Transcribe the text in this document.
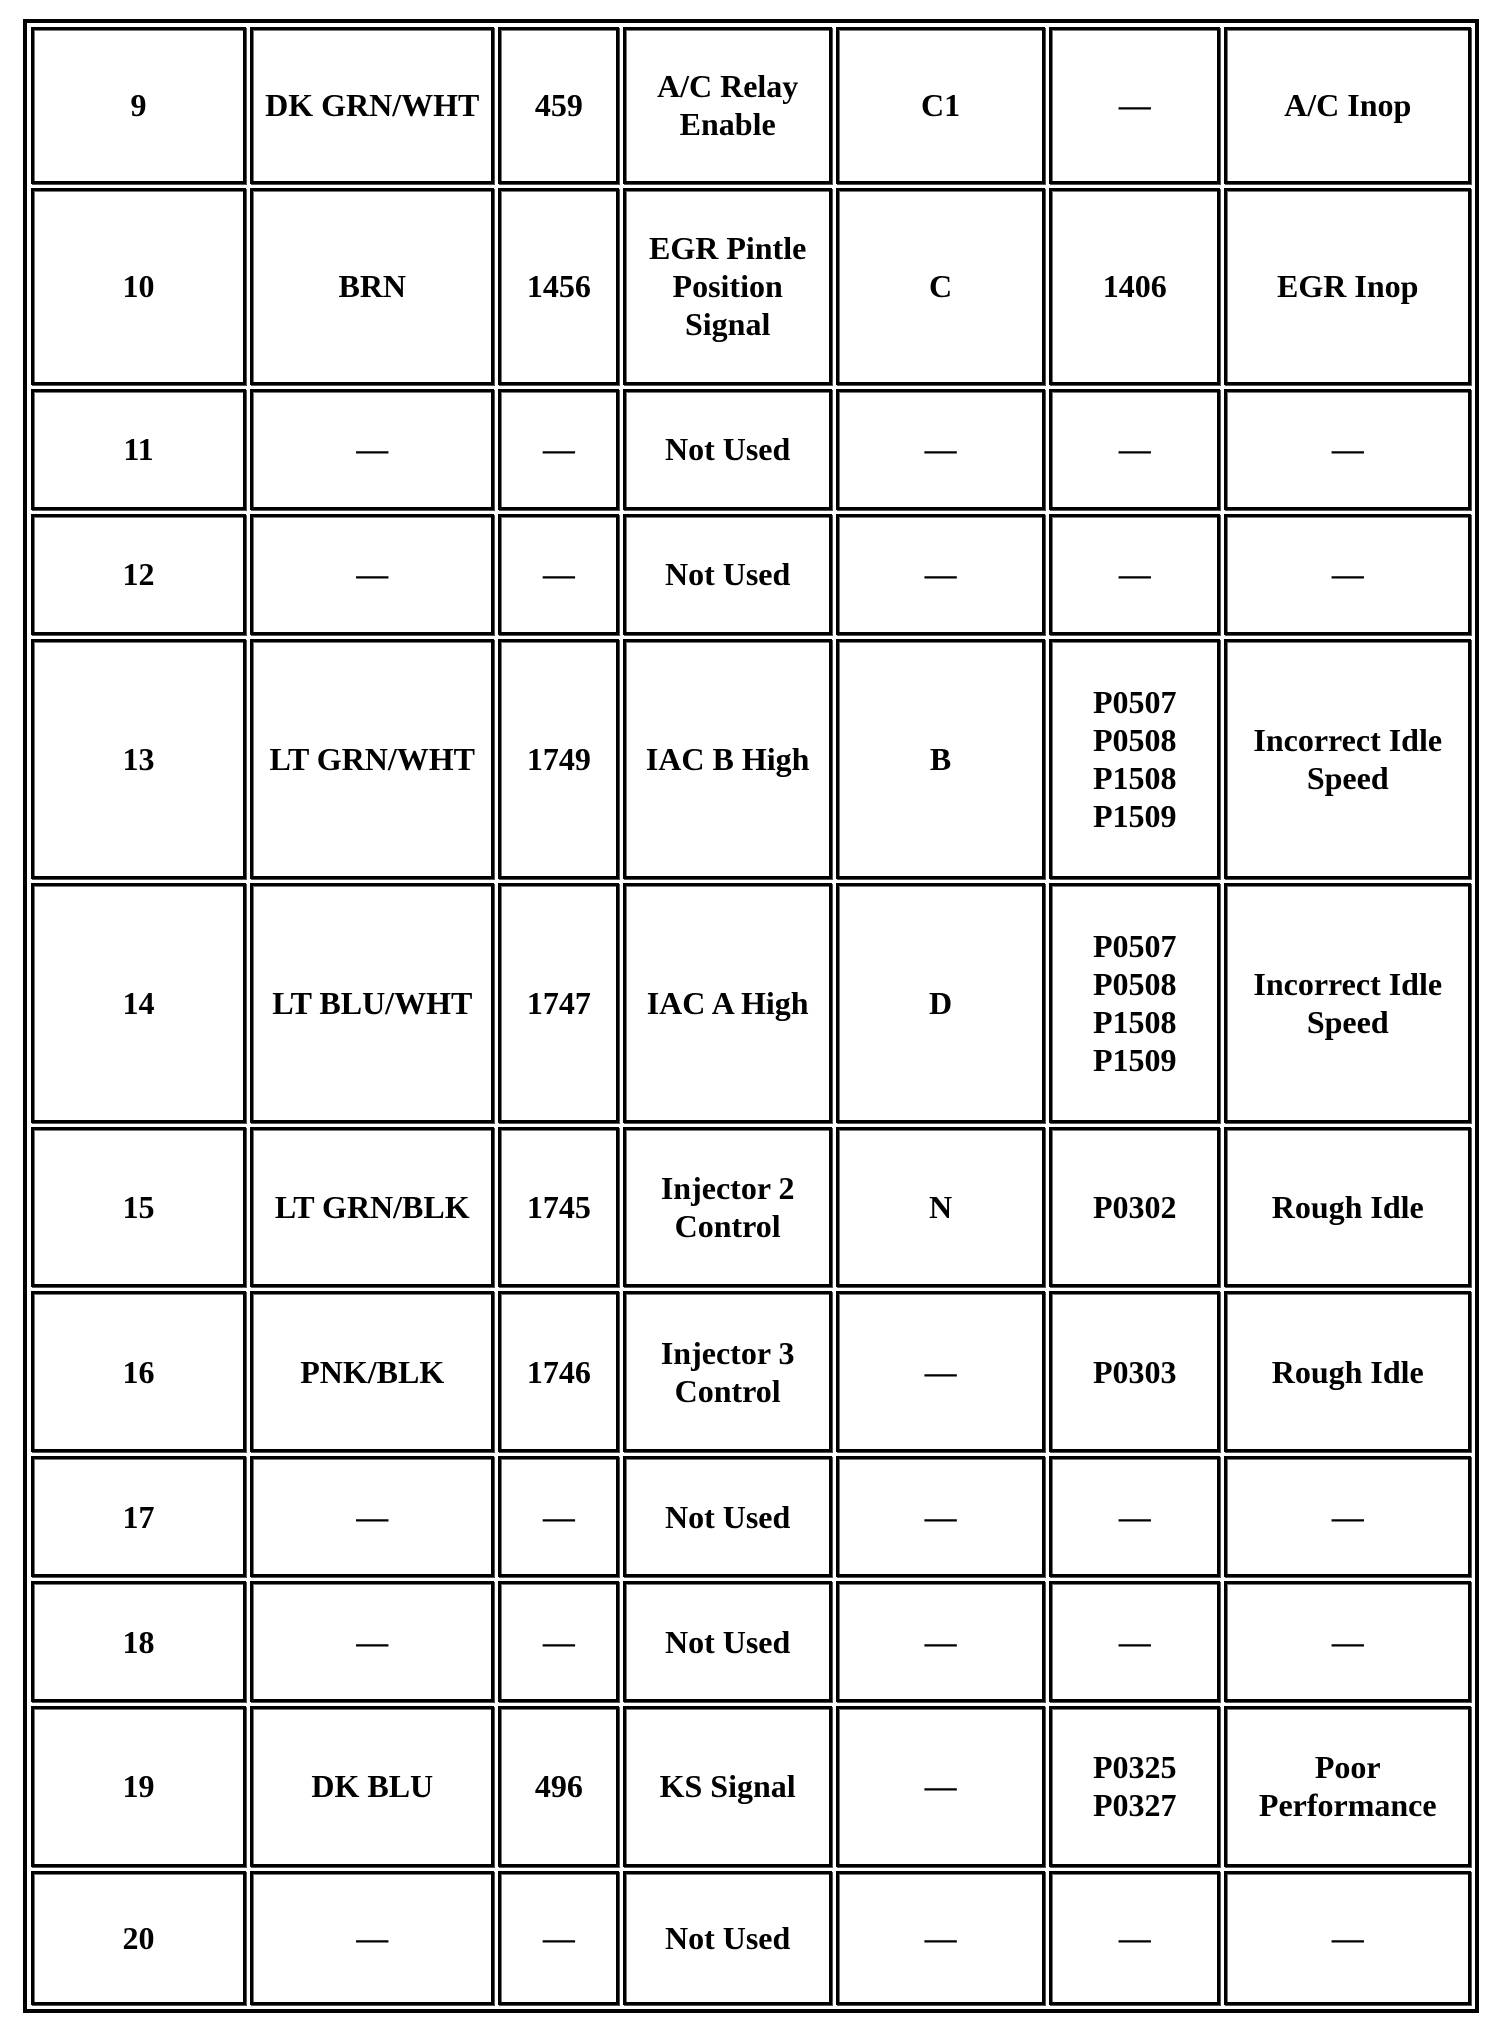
9	DK GRN/WHT	459	A/C Relay
Enable	C1	—	A/C Inop
10	BRN	1456	EGR Pintle
Position
Signal	C	1406	EGR Inop
11	—	—	Not Used	—	—	—
12	—	—	Not Used	—	—	—
13	LT GRN/WHT	1749	IAC B High	B	P0507
P0508
P1508
P1509	Incorrect Idle
Speed
14	LT BLU/WHT	1747	IAC A High	D	P0507
P0508
P1508
P1509	Incorrect Idle
Speed
15	LT GRN/BLK	1745	Injector 2
Control	N	P0302	Rough Idle
16	PNK/BLK	1746	Injector 3
Control	—	P0303	Rough Idle
17	—	—	Not Used	—	—	—
18	—	—	Not Used	—	—	—
19	DK BLU	496	KS Signal	—	P0325
P0327	Poor
Performance
20	—	—	Not Used	—	—	—
